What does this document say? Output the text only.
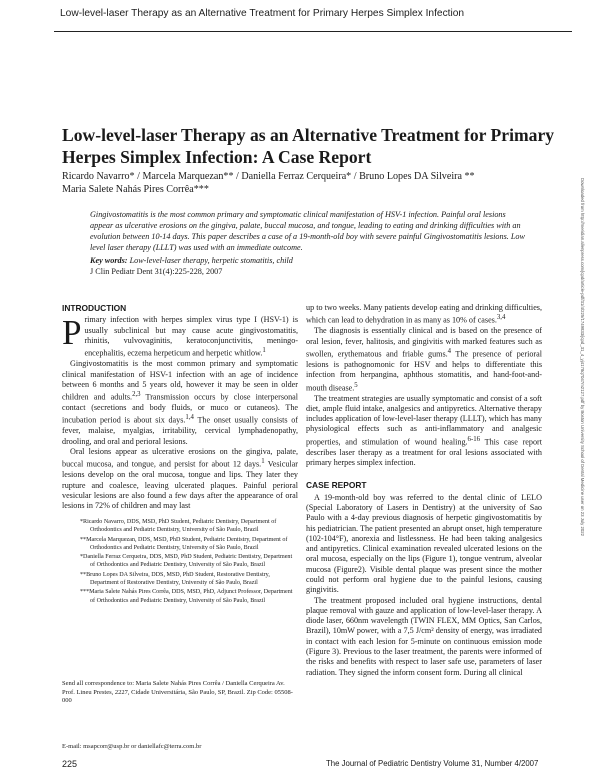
Low-level-laser Therapy as an Alternative Treatment for Primary Herpes Simplex Infection
Low-level-laser Therapy as an Alternative Treatment for Primary Herpes Simplex Infection: A Case Report
Ricardo Navarro* / Marcela Marquezan** / Daniella Ferraz Cerqueira* / Bruno Lopes DA Silveira **
Maria Salete Nahás Pires Corrêa***
Gingivostomatitis is the most common primary and symptomatic clinical manifestation of HSV-1 infection. Painful oral lesions appear as ulcerative erosions on the gingiva, palate, buccal mucosa, and tongue, leading to eating and drinking difficulties with an evolution between 10-14 days. This paper describes a case of a 19-month-old boy with severe painful Gingivostomatitis lesions. Low level laser therapy (LLLT) was used with an immediate outcome.
Key words: Low-level-laser therapy, herpetic stomatitis, child
J Clin Pediatr Dent 31(4):225-228, 2007
INTRODUCTION

Primary infection with herpes simplex virus type I (HSV-1) is usually subclinical but may cause acute gingivostomatitis, rhinitis, vulvovaginitis, keratoconjunctivitis, meningo-encephalitis, eczema herpeticum and herpetic whitlow.$^1$

Gingivostomatitis is the most common primary and symptomatic clinical manifestation of HSV-1 infection with an age of incidence between 6 months and 5 years old, however it may be seen in older children and adults.$^{2,3}$ Transmission occurs by close interpersonal contact (secretions and body fluids, or muco or cutaneos). The incubation period is about six days.$^{1,4}$ The onset usually consists of fever, malaise, myalgias, irritability, cervical lymphadenopathy, drooling, and oral and perioral lesions.

Oral lesions appear as ulcerative erosions on the gingiva, palate, buccal mucosa, and tongue, and persist for about 12 days.$^1$ Vesicular lesions develop on the oral mucosa, tongue and lips. They later they rupture and coalesce, leaving ulcerated plaques. Painful perioral vesicular lesions are also found a few days after the appearance of oral lesions in 72% of children and may last

*Ricardo Navarro, DDS, MSD, PhD Student, Pediatric Dentistry, Department of Orthodontics and Pediatric Dentistry, University of São Paulo, Brazil
**Marcela Marquezan, DDS, MSD, PhD Student, Pediatric Dentistry, Department of Orthodontics and Pediatric Dentistry, University of São Paulo, Brazil
*Daniella Ferraz Cerqueira, DDS, MSD, PhD Student, Pediatric Dentistry, Department of Orthodontics and Pediatric Dentistry, University of São Paulo, Brazil
**Bruno Lopes DA Silveira, DDS, MSD, PhD Student, Restorative Dentistry, Department of Restorative Dentistry, University of São Paulo, Brazil
***Maria Salete Nahás Pires Corrêa, DDS, MSD, PhD, Adjunct Professor, Department of Orthodontics and Pediatric Dentistry, University of São Paulo, Brazil
Send all correspondence to: Maria Salete Nahás Pires Corrêa / Daniella Cerqueira Av. Prof. Lineu Prestes, 2227, Cidade Universitária, São Paulo, SP, Brazil. Zip Code: 05508-000
E-mail: msapcorr@usp.br or daniellafc@terra.com.br

up to two weeks. Many patients develop eating and drinking difficulties, which can lead to dehydration in as many as 10% of cases.$^{3,4}$

The diagnosis is essentially clinical and is based on the presence of oral lesion, fever, halitosis, and gingivitis with marked features such as swollen, erythematous and friable gums.$^4$ The presence of perioral lesions is pathognomonic for HSV and helps to differentiate this infection from herpangina, aphthous stomatitis, and hand-foot-and-mouth disease.$^5$

The treatment strategies are usually symptomatic and consist of a soft diet, ample fluid intake, analgesics and antipyretics. Alternative therapy includes application of low-level-laser therapy (LLLT), which has many physiological effects such as anti-inflammatory and analgesic properties, and stimulation of wound healing.$^{6-16}$ This case report describes laser therapy as a treatment for oral lesions associated with primary herpes simplex infection.

CASE REPORT

A 19-month-old boy was referred to the dental clinic of LELO (Special Laboratory of Lasers in Dentistry) at the university of Sao Paulo with a 4-day previous diagnosis of herpetic gingivostomatitis by his pediatrician. The patient presented an abrupt onset, high temperature (102-104°F), anorexia and listlessness. He had been taking analgesics and antipyretics. Clinical examination revealed ulcerated lesions on the oral mucosa, especially on the lips (Figure 1), tongue ventrum, alveolar mucosa (Figure2). Visible dental plaque was present since the mother could not perform oral hygiene due to the painful lesions, causing gingivitis.

The treatment proposed included oral hygiene instructions, dental plaque removal with gauze and application of low-level-laser therapy. A diode laser, 660nm wavelength (TWIN FLEX, MM Optics, San Carlos, Brazil), 10mW power, with a 7,5 J/cm² density of energy, was irradiated in contact with each lesion for 5-minute on continuous emission mode (Figure 3). Previous to the laser treatment, the parents were informed of the risks and benefits with respect to laser safe use, parameters of laser radiation. They signed the inform consent form. During all clinical

225	The Journal of Pediatric Dentistry Volume 31, Number 4/2007
Downloaded from http://meridian.allenpress.com/jcpd/article-pdf/31/4/225/1749833/jcpd_31_4_yj4178q7047m2127.pdf by Boston University School of Dental Medicine user on 23 July 2022
